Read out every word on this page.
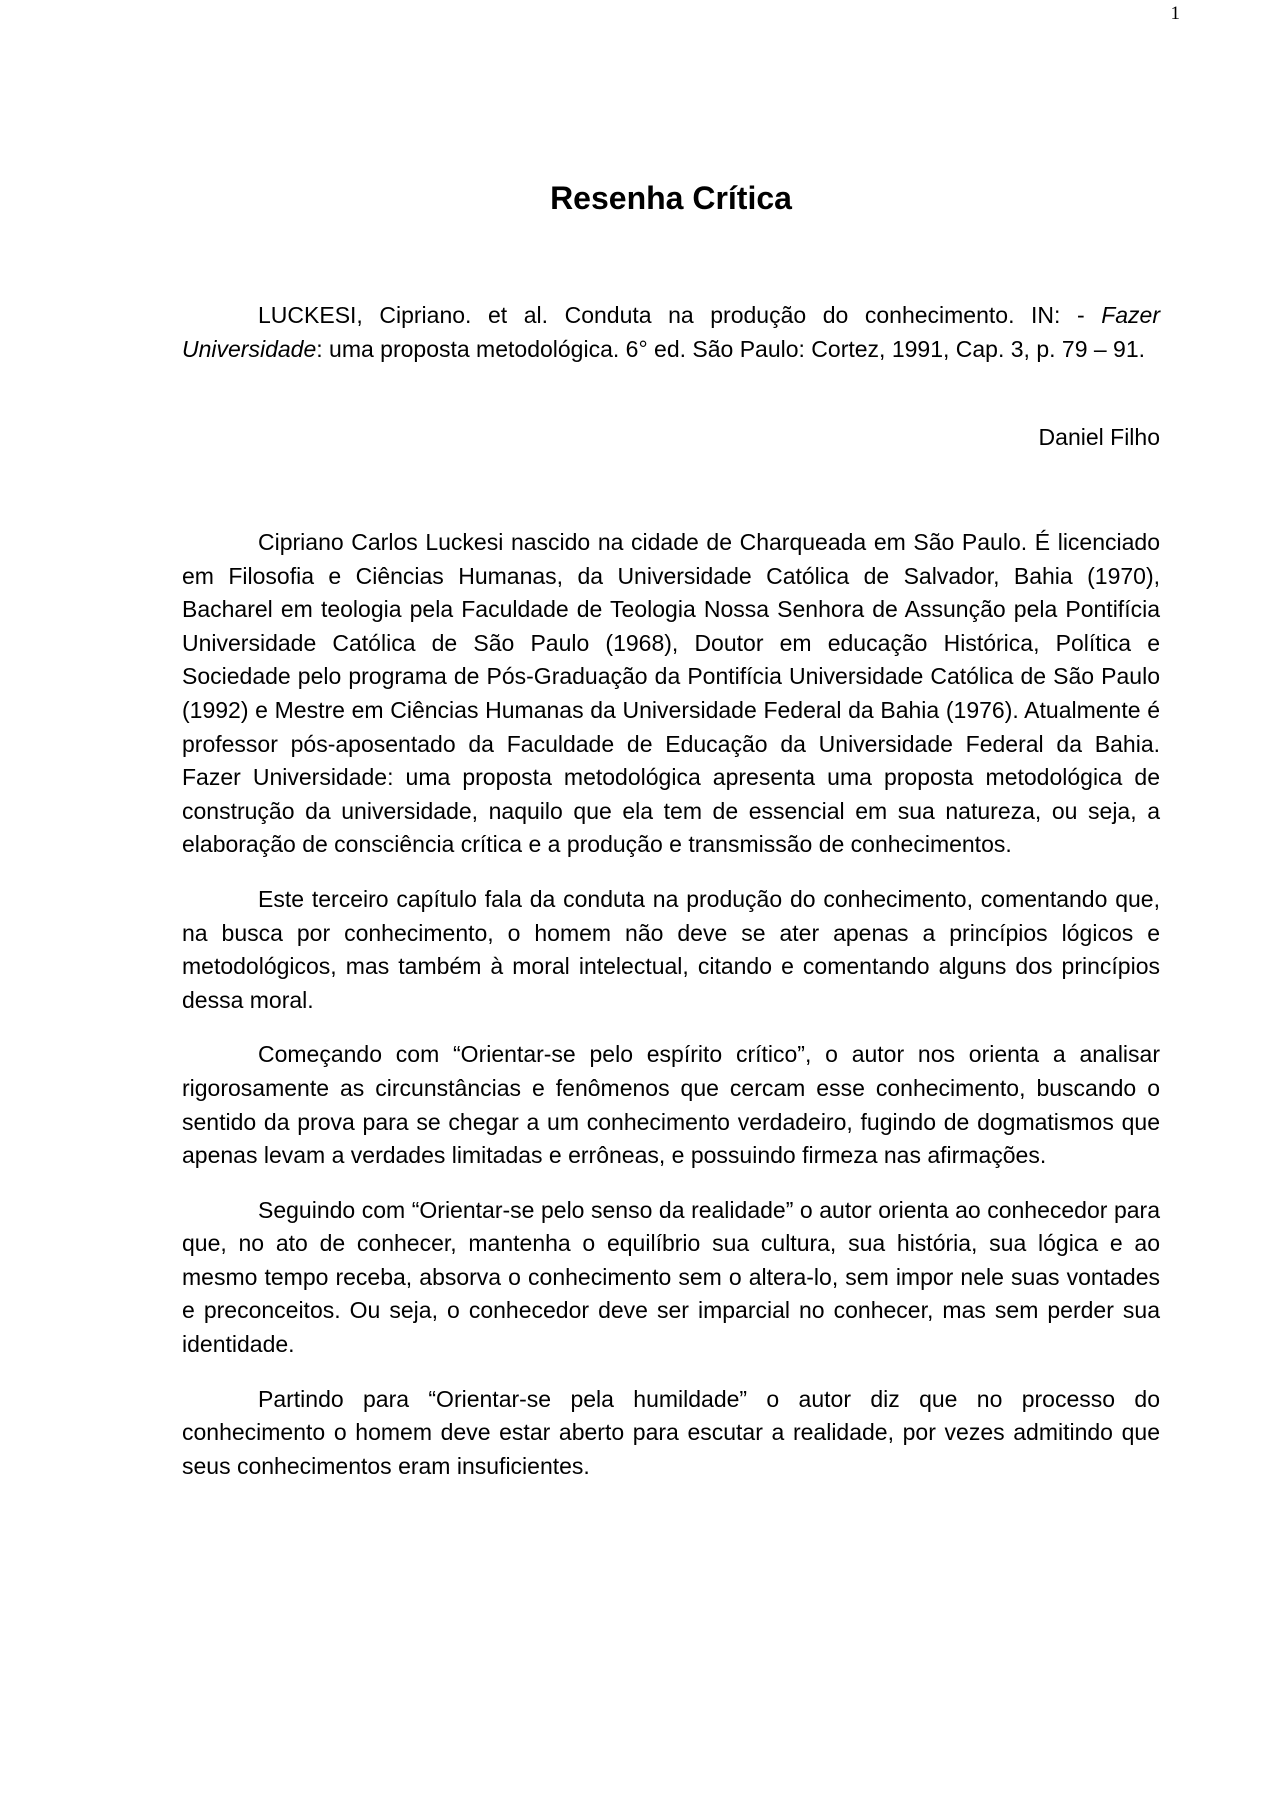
1
Resenha Crítica

LUCKESI, Cipriano. et al. Conduta na produção do conhecimento. IN: - Fazer Universidade: uma proposta metodológica. 6° ed. São Paulo: Cortez, 1991, Cap. 3, p. 79 – 91.

Daniel Filho

Cipriano Carlos Luckesi nascido na cidade de Charqueada em São Paulo. É licenciado em Filosofia e Ciências Humanas, da Universidade Católica de Salvador, Bahia (1970), Bacharel em teologia pela Faculdade de Teologia Nossa Senhora de Assunção pela Pontifícia Universidade Católica de São Paulo (1968), Doutor em educação Histórica, Política e Sociedade pelo programa de Pós-Graduação da Pontifícia Universidade Católica de São Paulo (1992) e Mestre em Ciências Humanas da Universidade Federal da Bahia (1976). Atualmente é professor pós-aposentado da Faculdade de Educação da Universidade Federal da Bahia. Fazer Universidade: uma proposta metodológica apresenta uma proposta metodológica de construção da universidade, naquilo que ela tem de essencial em sua natureza, ou seja, a elaboração de consciência crítica e a produção e transmissão de conhecimentos.

Este terceiro capítulo fala da conduta na produção do conhecimento, comentando que, na busca por conhecimento, o homem não deve se ater apenas a princípios lógicos e metodológicos, mas também à moral intelectual, citando e comentando alguns dos princípios dessa moral.

Começando com “Orientar-se pelo espírito crítico”, o autor nos orienta a analisar rigorosamente as circunstâncias e fenômenos que cercam esse conhecimento, buscando o sentido da prova para se chegar a um conhecimento verdadeiro, fugindo de dogmatismos que apenas levam a verdades limitadas e errôneas, e possuindo firmeza nas afirmações.

Seguindo com “Orientar-se pelo senso da realidade” o autor orienta ao conhecedor para que, no ato de conhecer, mantenha o equilíbrio sua cultura, sua história, sua lógica e ao mesmo tempo receba, absorva o conhecimento sem o altera-lo, sem impor nele suas vontades e preconceitos. Ou seja, o conhecedor deve ser imparcial no conhecer, mas sem perder sua identidade.

Partindo para “Orientar-se pela humildade” o autor diz que no processo do conhecimento o homem deve estar aberto para escutar a realidade, por vezes admitindo que seus conhecimentos eram insuficientes.
